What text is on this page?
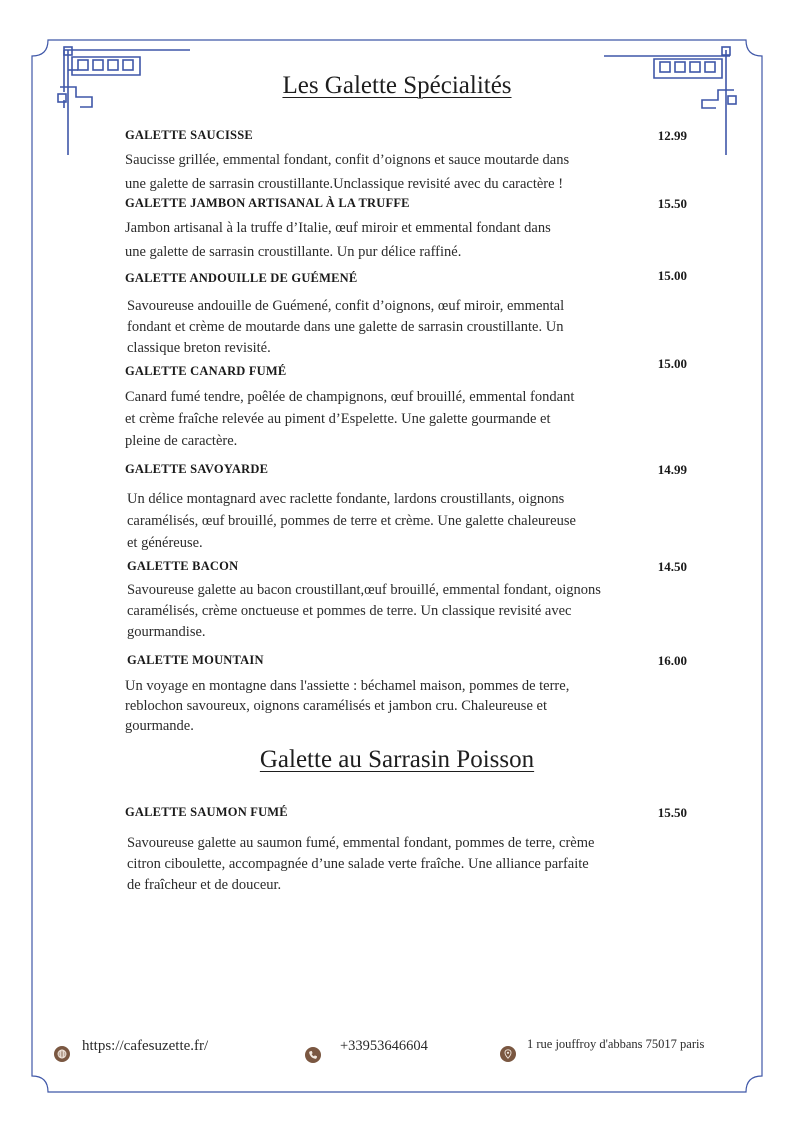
Les Galette Spécialités
GALETTE SAUCISSE	12.99

Saucisse grillée, emmental fondant, confit d’oignons et sauce moutarde dans
une galette de sarrasin croustillante.Unclassique revisité avec du caractère !

GALETTE JAMBON ARTISANAL À LA TRUFFE	15.50

Jambon artisanal à la truffe d’Italie, œuf miroir et emmental fondant dans
une galette de sarrasin croustillante. Un pur délice raffiné.

GALETTE ANDOUILLE DE GUÉMENÉ	15.00

Savoureuse andouille de Guémené, confit d’oignons, œuf miroir, emmental
fondant et crème de moutarde dans une galette de sarrasin croustillante. Un
classique breton revisité.

GALETTE CANARD FUMÉ	15.00

Canard fumé tendre, poêlée de champignons, œuf brouillé, emmental fondant
et crème fraîche relevée au piment d’Espelette. Une galette gourmande et
pleine de caractère.

GALETTE SAVOYARDE	14.99

Un délice montagnard avec raclette fondante, lardons croustillants, oignons
caramélisés, œuf brouillé, pommes de terre et crème. Une galette chaleureuse
et généreuse.

GALETTE BACON	14.50

Savoureuse galette au bacon croustillant,œuf brouillé, emmental fondant, oignons
caramélisés, crème onctueuse et pommes de terre. Un classique revisité avec
gourmandise.

GALETTE MOUNTAIN	16.00

Un voyage en montagne dans l'assiette : béchamel maison, pommes de terre,
reblochon savoureux, oignons caramélisés et jambon cru. Chaleureuse et
gourmande.

Galette au Sarrasin Poisson
GALETTE SAUMON FUMÉ	15.50

Savoureuse galette au saumon fumé, emmental fondant, pommes de terre, crème
citron ciboulette, accompagnée d’une salade verte fraîche. Une alliance parfaite
de fraîcheur et de douceur.

https://cafesuzette.fr/	+33953646604	1 rue jouffroy d'abbans 75017 paris
